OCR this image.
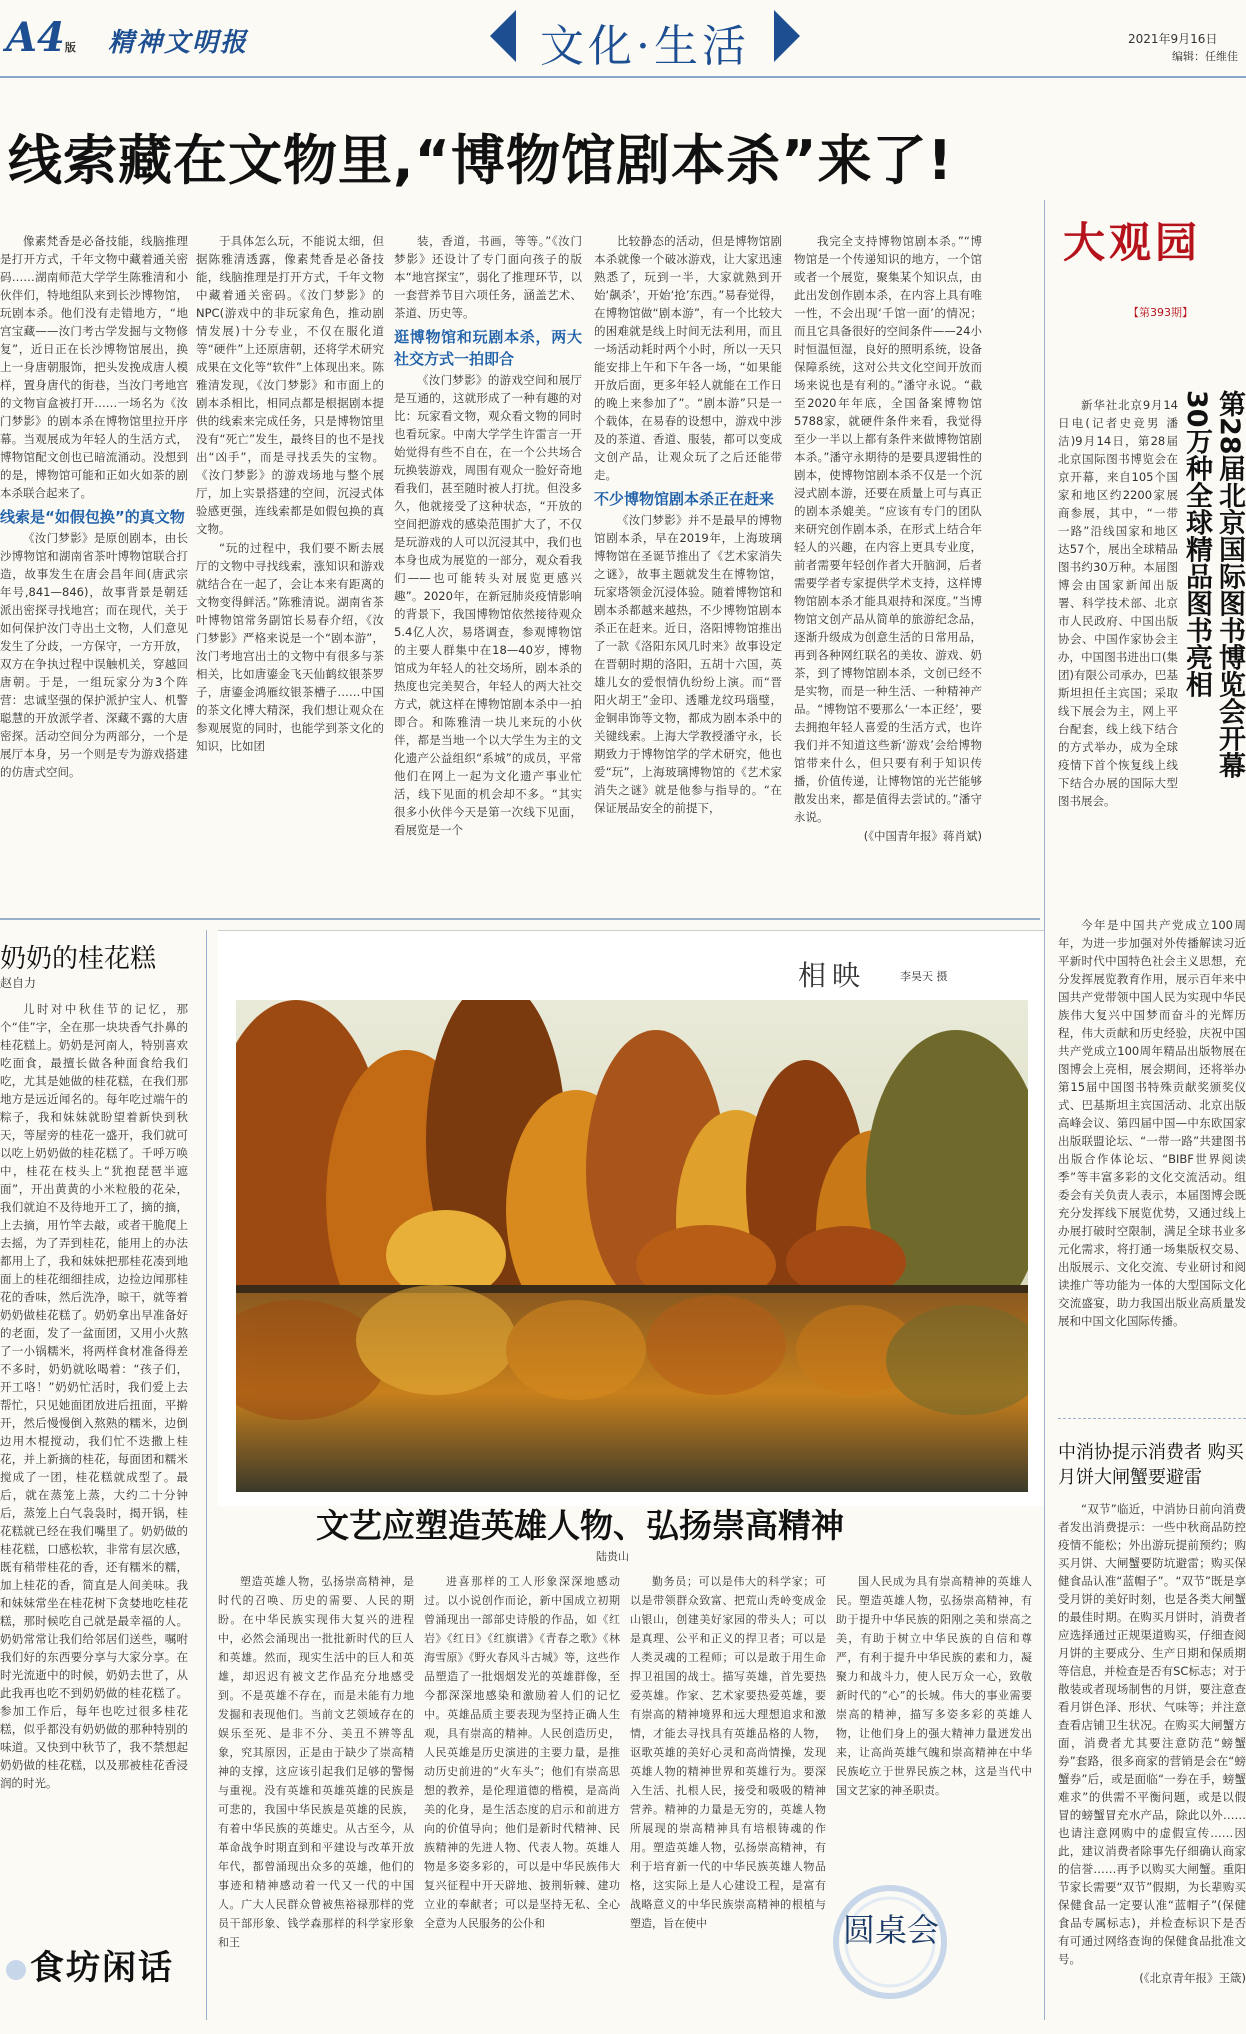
A4版 精神文明报	文化·生活	2021年9月16日
编辑：任维佳
线索藏在文物里,“博物馆剧本杀”来了!

像素梵香是必备技能，线脑推理是打开方式，千年文物中藏着通关密码……湖南师范大学学生陈雅清和小伙伴们，特地组队来到长沙博物馆，玩剧本杀。他们没有走错地方，“地宫宝藏——汝门考古学发掘与文物修复”，近日正在长沙博物馆展出，换上一身唐朝服饰，把头发挽成唐人模样，置身唐代的街巷，当汝门考地宫的文物盲盒被打开……一场名为《汝门梦影》的剧本杀在博物馆里拉开序幕。当观展成为年轻人的生活方式，博物馆配文创也已暗流涌动。没想到的是，博物馆可能和正如火如荼的剧本杀联合起来了。

线索是“如假包换”的真文物

《汝门梦影》是原创剧本，由长沙博物馆和湖南省茶叶博物馆联合打造，故事发生在唐会昌年间(唐武宗年号,841—846)，故事背景是朝廷派出密探寻找地宫；而在现代，关于如何保护汝门寺出土文物，人们意见发生了分歧，一方保守，一方开放，双方在争执过程中误触机关，穿越回唐朝。于是，一组玩家分为3个阵营：忠诚坚强的保护派护宝人、机警聪慧的开放派学者、深藏不露的大唐密探。活动空间分为两部分，一个是展厅本身，另一个则是专为游戏搭建的仿唐式空间。

于具体怎么玩，不能说太细，但据陈雅清透露，像素梵香是必备技能，线脑推理是打开方式，千年文物中藏着通关密码。《汝门梦影》的NPC(游戏中的非玩家角色，推动剧情发展)十分专业，不仅在服化道等“硬件”上还原唐朝，还将学术研究成果在文化等“软件”上体现出来。陈雅清发现，《汝门梦影》和市面上的剧本杀相比，相同点都是根据剧本提供的线索来完成任务，只是博物馆里没有“死亡”发生，最终目的也不是找出“凶手”，而是寻找丢失的宝物。《汝门梦影》的游戏场地与整个展厅，加上实景搭建的空间，沉浸式体验感更强，连线索都是如假包换的真文物。

“玩的过程中，我们要不断去展厅的文物中寻找线索，涨知识和游戏就结合在一起了，会让本来有距离的文物变得鲜活。”陈雅清说。湖南省茶叶博物馆常务副馆长易春介绍，《汝门梦影》严格来说是一个“剧本游”，汝门考地宫出土的文物中有很多与茶相关，比如唐鎏金飞天仙鹤纹银茶罗子，唐鎏金鸿雁纹银茶槽子……中国的茶文化博大精深，我们想让观众在参观展览的同时，也能学到茶文化的知识，比如团

装，香道，书画，等等。”《汝门梦影》还设计了专门面向孩子的版本“地宫探宝”，弱化了推理环节，以一套营养节目六项任务，涵盖艺术、茶道、历史等。

逛博物馆和玩剧本杀，两大社交方式一拍即合

《汝门梦影》的游戏空间和展厅是互通的，这就形成了一种有趣的对比：玩家看文物，观众看文物的同时也看玩家。中南大学学生许雷言一开始觉得有些不自在，在一个公共场合玩换装游戏，周围有观众一脸好奇地看我们，甚至随时被人打扰。但没多久，他就接受了这种状态，“开放的空间把游戏的感染范围扩大了，不仅是玩游戏的人可以沉浸其中，我们也本身也成为展览的一部分，观众看我们——也可能转头对展览更感兴趣”。2020年，在新冠肺炎疫情影响的背景下，我国博物馆依然接待观众5.4亿人次，易塔调查，参观博物馆的主要人群集中在18—40岁，博物馆成为年轻人的社交场所，剧本杀的热度也完美契合，年轻人的两大社交方式，就这样在博物馆剧本杀中一拍即合。和陈雅清一块儿来玩的小伙伴，都是当地一个以大学生为主的文化遗产公益组织“系城”的成员，平常他们在网上一起为文化遗产事业忙活，线下见面的机会却不多。“其实很多小伙伴今天是第一次线下见面，看展览是一个

比较静态的活动，但是博物馆剧本杀就像一个破冰游戏，让大家迅速熟悉了，玩到一半，大家就熟到开始‘飙杀’，开始‘抢’东西。”易春觉得，在博物馆做“剧本游”，有一个比较大的困难就是线上时间无法利用，而且一场活动耗时两个小时，所以一天只能安排上午和下午各一场，“如果能开放后面，更多年轻人就能在工作日的晚上来参加了”。“剧本游”只是一个载体，在易春的设想中，游戏中涉及的茶道、香道、服装，都可以变成文创产品，让观众玩了之后还能带走。

不少博物馆剧本杀正在赶来

《汝门梦影》并不是最早的博物馆剧本杀，早在2019年，上海玻璃博物馆在圣诞节推出了《艺术家消失之谜》，故事主题就发生在博物馆，玩家塔领金沉浸体验。随着博物馆和剧本杀都越来越热，不少博物馆剧本杀正在赶来。近日，洛阳博物馆推出了一款《洛阳东风几时来》故事设定在晋朝时期的洛阳，五胡十六国，英雄儿女的爱恨情仇纷纷上演。而“晋阳火胡王”金印、透雕龙纹玛瑙璧，金铜串饰等文物，都成为剧本杀中的关键线索。上海大学教授潘守永，长期致力于博物馆学的学术研究，他也爱“玩”，上海玻璃博物馆的《艺术家消失之谜》就是他参与指导的。“在保证展品安全的前提下，

我完全支持博物馆剧本杀。”“博物馆是一个传递知识的地方，一个馆或者一个展览，聚集某个知识点，由此出发创作剧本杀，在内容上具有唯一性，不会出现‘千馆一面’的情况；而且它具备很好的空间条件——24小时恒温恒湿，良好的照明系统，设备保障系统，这对公共文化空间开放而场来说也是有利的。”潘守永说。“截至2020年年底，全国备案博物馆5788家，就硬件条件来看，我觉得至少一半以上都有条件来做博物馆剧本杀。”潘守永期待的是要具逻辑性的剧本，使博物馆剧本杀不仅是一个沉浸式剧本游，还要在质量上可与真正的剧本杀媲美。“应该有专门的团队来研究创作剧本杀，在形式上结合年轻人的兴趣，在内容上更具专业度，前者需要年轻创作者大开脑洞，后者需要学者专家提供学术支持，这样博物馆剧本杀才能具艰持和深度。”当博物馆文创产品从简单的旅游纪念品，逐渐升级成为创意生活的日常用品，再到各种网红联名的美妆、游戏、奶茶，到了博物馆剧本杀，文创已经不是实物，而是一种生活、一种精神产品。“博物馆不要那么‘一本正经’，要去拥抱年轻人喜爱的生活方式，也许我们并不知道这些新‘游戏’会给博物馆带来什么，但只要有利于知识传播，价值传递，让博物馆的光芒能够散发出来，都是值得去尝试的。”潘守永说。

(《中国青年报》蒋肖斌)

大观园
【第393期】
第28届北京国际图书博览会开幕 30万种全球精品图书亮相

新华社北京9月14日电(记者史竞男 潘洁)9月14日，第28届北京国际图书博览会在京开幕，来自105个国家和地区约2200家展商参展，其中，“一带一路”沿线国家和地区达57个，展出全球精品图书约30万种。本届图博会由国家新闻出版署、科学技术部、北京市人民政府、中国出版协会、中国作家协会主办，中国图书进出口(集团)有限公司承办，巴基斯坦担任主宾国；采取线下展会为主，网上平台配套，线上线下结合的方式举办，成为全球疫情下首个恢复线上线下结合办展的国际大型图书展会。

今年是中国共产党成立100周年，为进一步加强对外传播解读习近平新时代中国特色社会主义思想，充分发挥展览教育作用，展示百年来中国共产党带领中国人民为实现中华民族伟大复兴中国梦而奋斗的光辉历程，伟大贡献和历史经验，庆祝中国共产党成立100周年精品出版物展在图博会上亮相，展会期间，还将举办第15届中国图书特殊贡献奖颁奖仪式、巴基斯坦主宾国活动、北京出版高峰会议、第四届中国—中东欧国家出版联盟论坛、“一带一路”共建图书出版合作体论坛、“BIBF世界阅读季”等丰富多彩的文化交流活动。组委会有关负责人表示，本届图博会既充分发挥线下展览优势，又通过线上办展打破时空限制，满足全球书业多元化需求，将打通一场集版权交易、出版展示、文化交流、专业研讨和阅读推广等功能为一体的大型国际文化交流盛宴，助力我国出版业高质量发展和中国文化国际传播。

中消协提示消费者 购买月饼大闸蟹要避雷

“双节”临近，中消协日前向消费者发出消费提示：一些中秋商品防控疫情不能松；外出游玩提前预约；购买月饼、大闸蟹要防坑避雷；购买保健食品认准“蓝帽子”。“双节”既是享受月饼的美好时刻，也是各类大闸蟹的最佳时期。在购买月饼时，消费者应选择通过正规渠道购买，仔细查阅月饼的主要成分、生产日期和保质期等信息，并检查是否有SC标志；对于散装或者现场制售的月饼，要注意查看月饼色泽、形状、气味等；并注意查看店铺卫生状况。在购买大闸蟹方面，消费者尤其要注意防范“螃蟹券”套路，很多商家的营销是会在“螃蟹券”后，或是面临“一券在手，螃蟹难求”的供需不平衡问题，或是以假冒的螃蟹冒充水产品，除此以外……也请注意网购中的虚假宣传……因此，建议消费者除事先仔细确认商家的信誉……再予以购买大闸蟹。重阳节家长需要“双节”假期，为长辈购买保健食品一定要认准“蓝帽子”(保健食品专属标志)，并检查标识下是否有可通过网络查询的保健食品批准文号。

(《北京青年报》王箴)

奶奶的桂花糕
赵自力

儿时对中秋佳节的记忆，那个“佳”字，全在那一块块香气扑鼻的桂花糕上。奶奶是河南人，特别喜欢吃面食，最擅长做各种面食给我们吃，尤其是她做的桂花糕，在我们那地方是远近闻名的。每年吃过端午的粽子，我和妹妹就盼望着新快到秋天，等屋旁的桂花一盛开，我们就可以吃上奶奶做的桂花糕了。千呼万唤中，桂花在枝头上“犹抱琵琶半遮面”，开出黄黄的小米粒般的花朵，我们就迫不及待地开工了，摘的摘，上去摘，用竹竿去敲，或者干脆爬上去摇，为了弄到桂花，能用上的办法都用上了，我和妹妹把那桂花凑到地面上的桂花细细挂成，边捡边闻那桂花的香味，然后洗净，晾干，就等着奶奶做桂花糕了。奶奶拿出早准备好的老面，发了一盆面团，又用小火熬了一小锅糯米，将两样食材准备得差不多时，奶奶就吆喝着：“孩子们，开工咯！”奶奶忙活时，我们爱上去帮忙，只见她面团放进后扭面，平擀开，然后慢慢倒入熬熟的糯米，边倒边用木棍搅动，我们忙不迭撒上桂花，并上新摘的桂花，每面团和糯米搅成了一团，桂花糕就成型了。最后，就在蒸笼上蒸，大约二十分钟后，蒸笼上白气袅袅时，揭开锅，桂花糕就已经在我们嘴里了。奶奶做的桂花糕，口感松软，非常有层次感，既有稍带桂花的香，还有糯米的糯，加上桂花的香，简直是人间美味。我和妹妹常坐在桂花树下贪婪地吃桂花糕，那时候吃自己就是最幸福的人。奶奶常常让我们给邻居们送些，嘱咐我们好的东西要分享与大家分享。在时光流逝中的时候，奶奶去世了，从此我再也吃不到奶奶做的桂花糕了。参加工作后，每年也吃过很多桂花糕，似乎都没有奶奶做的那种特别的味道。又快到中秋节了，我不禁想起奶奶做的桂花糕，以及那被桂花香浸润的时光。

食坊闲话
相映	李昊天 摄
文艺应塑造英雄人物、弘扬崇高精神
陆贵山

塑造英雄人物，弘扬崇高精神，是时代的召唤、历史的需要、人民的期盼。在中华民族实现伟大复兴的进程中，必然会涌现出一批批新时代的巨人和英雄。然而，现实生活中的巨人和英雄，却迟迟有被文艺作品充分地感受到。不是英雄不存在，而是未能有力地发掘和表现他们。当前文艺领域存在的娱乐至死、是非不分、美丑不辨等乱象，究其原因，正是由于缺少了崇高精神的支撑，这应该引起我们足够的警惕与重视。没有英雄和英雄英雄的民族是可悲的，我国中华民族是英雄的民族，有着中华民族的英雄史。从古至今，从革命战争时期直到和平建设与改革开放年代，都曾涌现出众多的英雄，他们的事迹和精神感动着一代又一代的中国人。广大人民群众曾被焦裕禄那样的党员干部形象、钱学森那样的科学家形象和王

进喜那样的工人形象深深地感动过。以小说创作而论，新中国成立初期曾涌现出一部部史诗般的作品，如《红岩》《红日》《红旗谱》《青春之歌》《林海雪原》《野火春风斗古城》等，这些作品塑造了一批烟烟发光的英雄群像，至今都深深地感染和激励着人们的记忆中。英雄品质主要表现为坚持正确人生观，具有崇高的精神。人民创造历史，人民英雄是历史演进的主要力量，是推动历史前进的“火车头”；他们有崇高思想的教养，是伦理道德的楷模，是高尚美的化身，是生活态度的启示和前进方向的价值导向；他们是新时代精神、民族精神的先进人物、代表人物。英雄人物是多姿多彩的，可以是中华民族伟大复兴征程中开天辟地、披荆斩棘、建功立业的奉献者；可以是坚持无私、全心全意为人民服务的公仆和

勤务员；可以是伟大的科学家；可以是带领群众致富、把荒山秃岭变成金山银山，创建美好家园的带头人；可以是真理、公平和正义的捍卫者；可以是人类灵魂的工程师；可以是敢于用生命捍卫祖国的战士。描写英雄，首先要热爱英雄。作家、艺术家要热爱英雄，要有崇高的精神境界和远大理想追求和激情，才能去寻找具有英雄品格的人物，讴歌英雄的美好心灵和高尚情操，发现英雄人物的精神世界和英雄行为。要深入生活、扎根人民，接受和吸吸的精神营养。精神的力量是无穷的，英雄人物所展现的崇高精神具有培根铸魂的作用。塑造英雄人物，弘扬崇高精神，有利于培育新一代的中华民族英雄人物品格，这实际上是人心建设工程，是富有战略意义的中华民族崇高精神的根植与塑造，旨在使中

国人民成为具有崇高精神的英雄人民。塑造英雄人物，弘扬崇高精神，有助于提升中华民族的阳刚之美和崇高之美，有助于树立中华民族的自信和尊严，有利于提升中华民族的素和力，凝聚力和战斗力，使人民万众一心，致敬新时代的“心”的长城。伟大的事业需要崇高的精神，描写多姿多彩的英雄人物，让他们身上的强大精神力量迸发出来，让高尚英雄气魄和崇高精神在中华民族屹立于世界民族之林，这是当代中国文艺家的神圣职责。

圆桌会
